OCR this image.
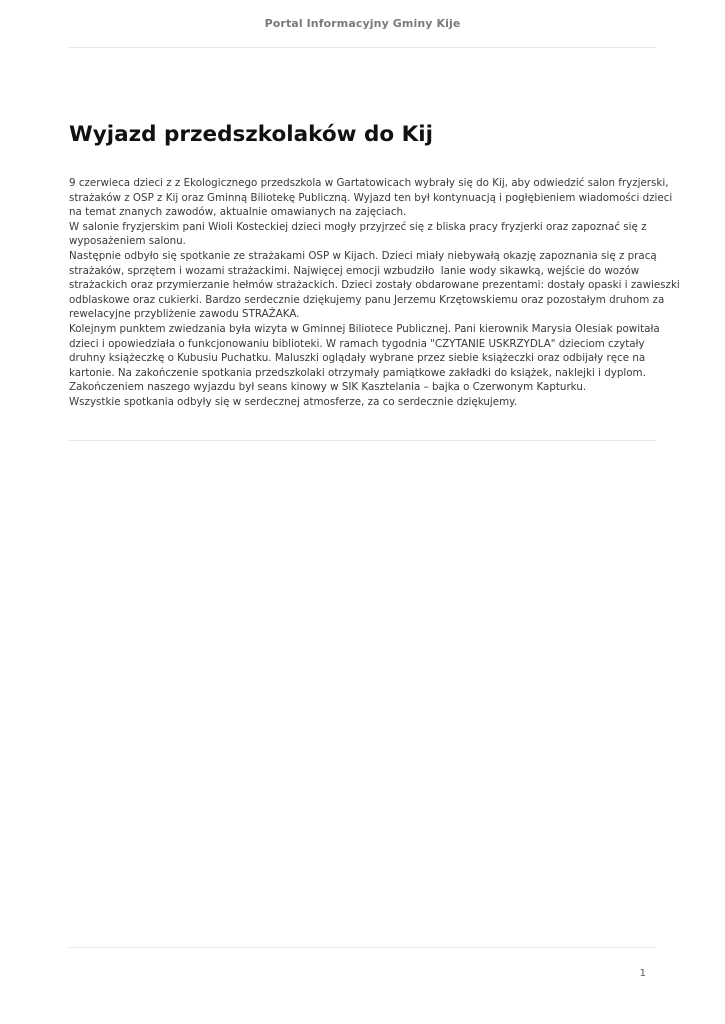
Portal Informacyjny Gminy Kije
Wyjazd przedszkolaków do Kij
9 czerwieca dzieci z z Ekologicznego przedszkola w Gartatowicach wybrały się do Kij, aby odwiedzić salon fryzjerski,
strażaków z OSP z Kij oraz Gminną Biliotekę Publiczną. Wyjazd ten był kontynuacją i pogłębieniem wiadomości dzieci
na temat znanych zawodów, aktualnie omawianych na zajęciach.
W salonie fryzjerskim pani Wioli Kosteckiej dzieci mogły przyjrzeć się z bliska pracy fryzjerki oraz zapoznać się z
wyposażeniem salonu.
Następnie odbyło się spotkanie ze strażakami OSP w Kijach. Dzieci miały niebywałą okazję zapoznania się z pracą
strażaków, sprzętem i wozami strażackimi. Najwięcej emocji wzbudziło  lanie wody sikawką, wejście do wozów
strażackich oraz przymierzanie hełmów strażackich. Dzieci zostały obdarowane prezentami: dostały opaski i zawieszki
odblaskowe oraz cukierki. Bardzo serdecznie dziękujemy panu Jerzemu Krzętowskiemu oraz pozostałym druhom za
rewelacyjne przybliżenie zawodu STRAŻAKA.
Kolejnym punktem zwiedzania była wizyta w Gminnej Biliotece Publicznej. Pani kierownik Marysia Olesiak powitała
dzieci i opowiedziała o funkcjonowaniu biblioteki. W ramach tygodnia "CZYTANIE USKRZYDLA" dzieciom czytały
druhny książeczkę o Kubusiu Puchatku. Maluszki oglądały wybrane przez siebie książeczki oraz odbijały ręce na
kartonie. Na zakończenie spotkania przedszkolaki otrzymały pamiątkowe zakładki do książek, naklejki i dyplom.
Zakończeniem naszego wyjazdu był seans kinowy w SIK Kasztelania – bajka o Czerwonym Kapturku.
Wszystkie spotkania odbyły się w serdecznej atmosferze, za co serdecznie dziękujemy.
1
